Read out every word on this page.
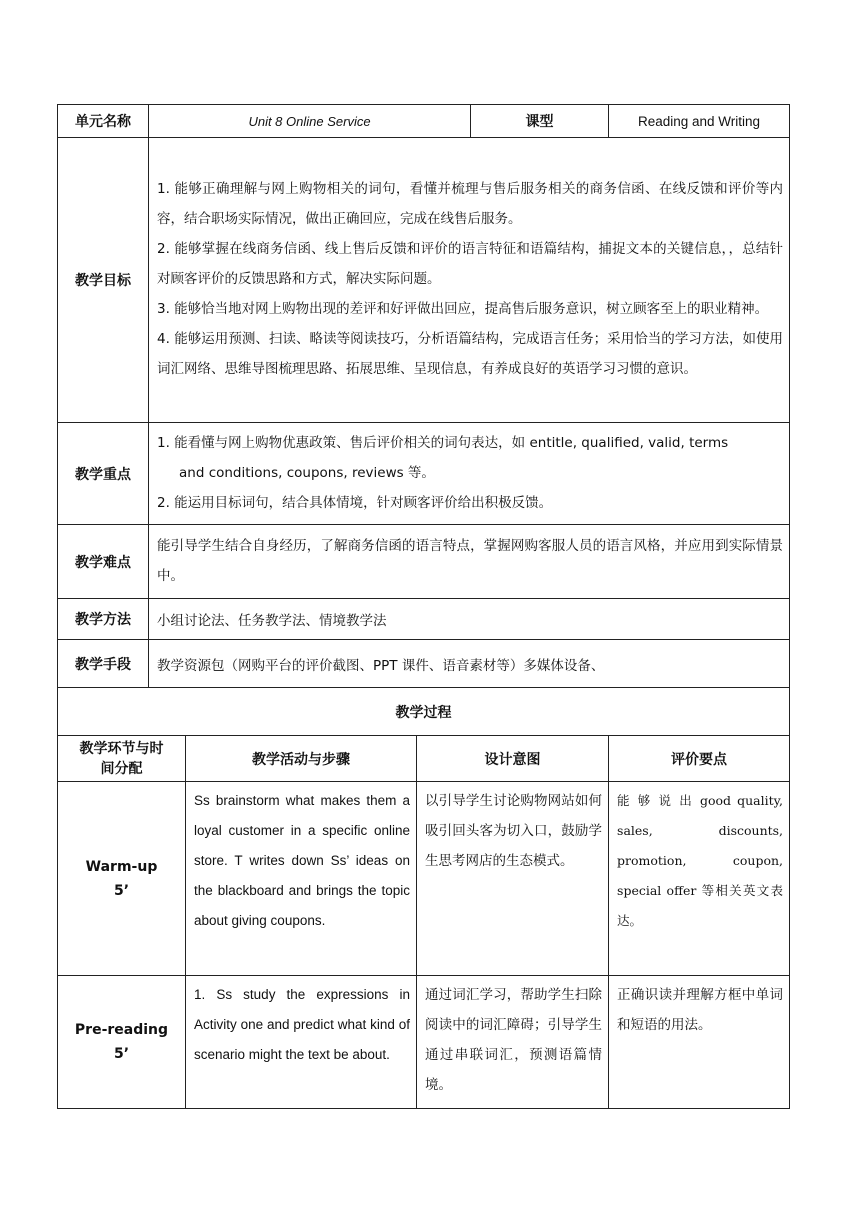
单元名称	Unit 8 Online Service			课型	Reading and Writing
教学目标	1. 能够正确理解与网上购物相关的词句，看懂并梳理与售后服务相关的商务信函、在线反馈和评价等内容，结合职场实际情况，做出正确回应，完成在线售后服务。

2. 能够掌握在线商务信函、线上售后反馈和评价的语言特征和语篇结构，捕捉文本的关键信息，，总结针对顾客评价的反馈思路和方式，解决实际问题。

3. 能够恰当地对网上购物出现的差评和好评做出回应，提高售后服务意识，树立顾客至上的职业精神。

4. 能够运用预测、扫读、略读等阅读技巧，分析语篇结构，完成语言任务；采用恰当的学习方法，如使用词汇网络、思维导图梳理思路、拓展思维、呈现信息，有养成良好的英语学习习惯的意识。				

教学重点	1. 能看懂与网上购物优惠政策、售后评价相关的词句表达，如 entitle, qualified, valid, terms

and conditions, coupons, reviews 等。

2. 能运用目标词句，结合具体情境，针对顾客评价给出积极反馈。				

教学难点	能引导学生结合自身经历，了解商务信函的语言特点，掌握网购客服人员的语言风格，并应用到实际情景中。				
教学方法	小组讨论法、任务教学法、情境教学法				
教学手段	教学资源包（网购平台的评价截图、PPT 课件、语音素材等）多媒体设备、				
教学过程					
教学环节与时间分配		教学活动与步骤	设计意图		评价要点

Warm-up
5’		Ss brainstorm what makes them a loyal customer in a specific online store. T writes down Ss’ ideas on the blackboard and brings the topic about giving coupons.	以引导学生讨论购物网站如何吸引回头客为切入口，鼓励学生思考网店的生态模式。		能 够 说 出 good quality, sales, discounts, promotion, coupon, special offer 等相关英文表达。

Pre-reading
5’		1. Ss study the expressions in Activity one and predict what kind of scenario might the text be about.	通过词汇学习，帮助学生扫除阅读中的词汇障碍；引导学生通过串联词汇，预测语篇情境。		正确识读并理解方框中单词和短语的用法。
